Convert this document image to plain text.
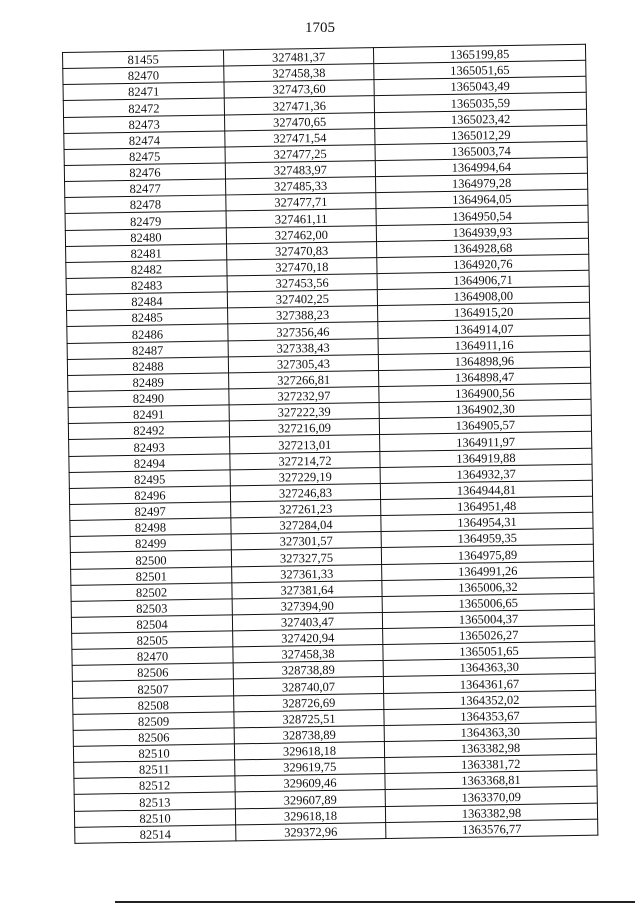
1705
81455	327481,37	1365199,85
82470	327458,38	1365051,65
82471	327473,60	1365043,49
82472	327471,36	1365035,59
82473	327470,65	1365023,42
82474	327471,54	1365012,29
82475	327477,25	1365003,74
82476	327483,97	1364994,64
82477	327485,33	1364979,28
82478	327477,71	1364964,05
82479	327461,11	1364950,54
82480	327462,00	1364939,93
82481	327470,83	1364928,68
82482	327470,18	1364920,76
82483	327453,56	1364906,71
82484	327402,25	1364908,00
82485	327388,23	1364915,20
82486	327356,46	1364914,07
82487	327338,43	1364911,16
82488	327305,43	1364898,96
82489	327266,81	1364898,47
82490	327232,97	1364900,56
82491	327222,39	1364902,30
82492	327216,09	1364905,57
82493	327213,01	1364911,97
82494	327214,72	1364919,88
82495	327229,19	1364932,37
82496	327246,83	1364944,81
82497	327261,23	1364951,48
82498	327284,04	1364954,31
82499	327301,57	1364959,35
82500	327327,75	1364975,89
82501	327361,33	1364991,26
82502	327381,64	1365006,32
82503	327394,90	1365006,65
82504	327403,47	1365004,37
82505	327420,94	1365026,27
82470	327458,38	1365051,65
82506	328738,89	1364363,30
82507	328740,07	1364361,67
82508	328726,69	1364352,02
82509	328725,51	1364353,67
82506	328738,89	1364363,30
82510	329618,18	1363382,98
82511	329619,75	1363381,72
82512	329609,46	1363368,81
82513	329607,89	1363370,09
82510	329618,18	1363382,98
82514	329372,96	1363576,77
